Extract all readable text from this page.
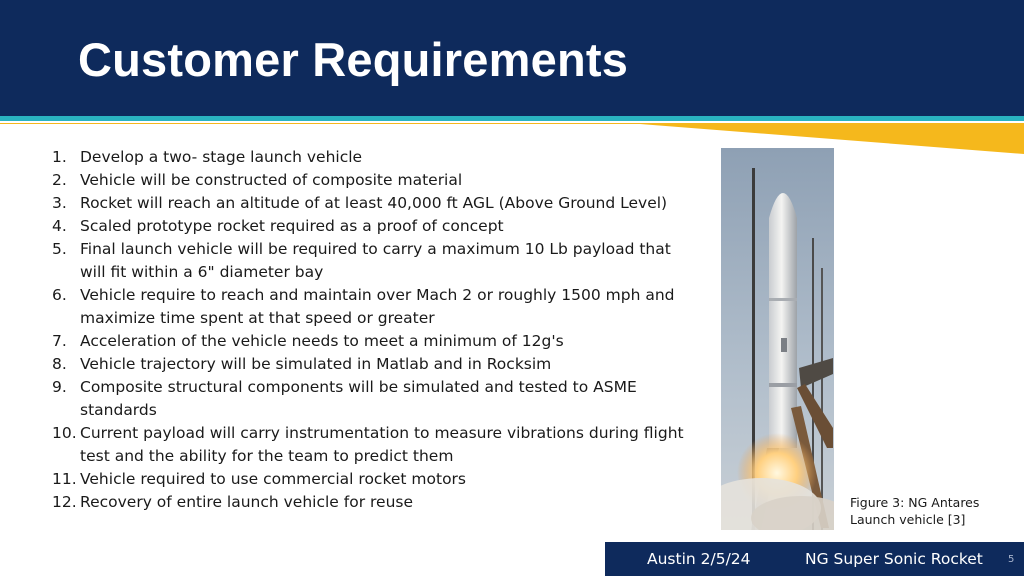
Customer Requirements
1. Develop a two- stage launch vehicle
2. Vehicle will be constructed of composite material
3. Rocket will reach an altitude of at least 40,000 ft AGL (Above Ground Level)
4. Scaled prototype rocket required as a proof of concept
5. Final launch vehicle will be required to carry a maximum 10 Lb payload that will fit within a 6" diameter bay
6. Vehicle require to reach and maintain over Mach 2 or roughly 1500 mph and maximize time spent at that speed or greater
7. Acceleration of the vehicle needs to meet a minimum of 12g's
8. Vehicle trajectory will be simulated in Matlab and in Rocksim
9. Composite structural components will be simulated and tested to ASME standards
10. Current payload will carry instrumentation to measure vibrations during flight test and the ability for the team to predict them
11. Vehicle required to use commercial rocket motors
12. Recovery of entire launch vehicle for reuse	Figure 3: NG Antares
Launch vehicle [3]
Austin 2/5/24	NG Super Sonic Rocket	5
